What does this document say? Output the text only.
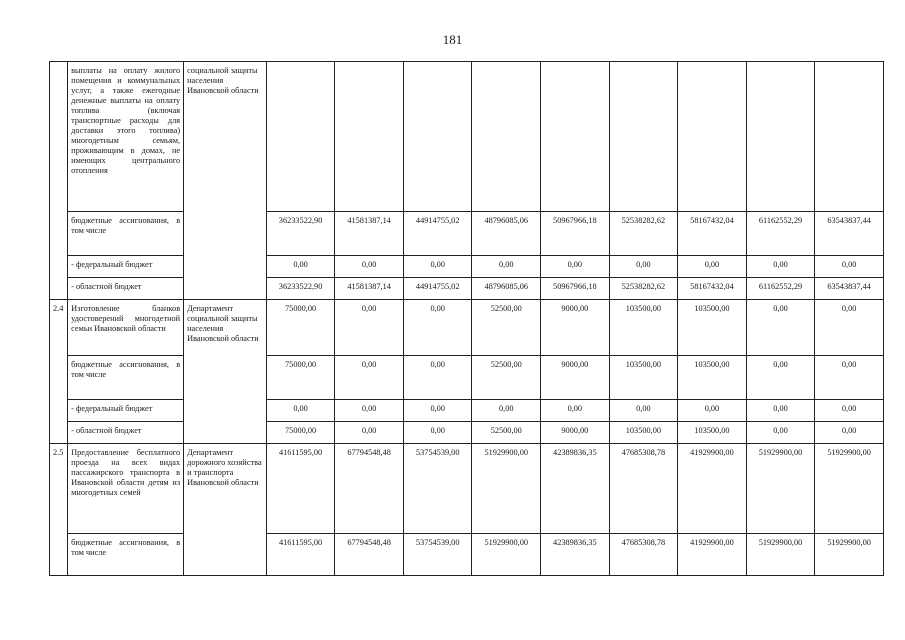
181
	выплаты на оплату жилого помещения и коммунальных услуг, а также ежегодные денежные выплаты на оплату топлива (включая транспортные расходы для доставки этого топлива) многодетным семьям, проживающим в домах, не имеющих центрального отопления	социальной защиты населения Ивановской области									
	бюджетные ассигнования, в том числе		36233522,90	41581387,14	44914755,02	48796085,06	50967966,18	52538282,62	58167432,04	61162552,29	63543837,44
	- федеральный бюджет		0,00	0,00	0,00	0,00	0,00	0,00	0,00	0,00	0,00
	- областной бюджет		36233522,90	41581387,14	44914755,02	48796085,06	50967966,18	52538282,62	58167432,04	61162552,29	63543837,44
2.4	Изготовление бланков удостоверений многодетной семьи Ивановской области	Департамент социальной защиты населения Ивановской области	75000,00	0,00	0,00	52500,00	9000,00	103500,00	103500,00	0,00	0,00
	бюджетные ассигнования, в том числе		75000,00	0,00	0,00	52500,00	9000,00	103500,00	103500,00	0,00	0,00
	- федеральный бюджет		0,00	0,00	0,00	0,00	0,00	0,00	0,00	0,00	0,00
	- областной бюджет		75000,00	0,00	0,00	52500,00	9000,00	103500,00	103500,00	0,00	0,00
2.5	Предоставление бесплатного проезда на всех видах пассажирского транспорта в Ивановской области детям из многодетных семей	Департамент дорожного хозяйства и транспорта Ивановской области	41611595,00	67794548,48	53754539,00	51929900,00	42389836,35	47685308,78	41929900,00	51929900,00	51929900,00
	бюджетные ассигнования, в том числе		41611595,00	67794548,48	53754539,00	51929900,00	42389836,35	47685308,78	41929900,00	51929900,00	51929900,00
